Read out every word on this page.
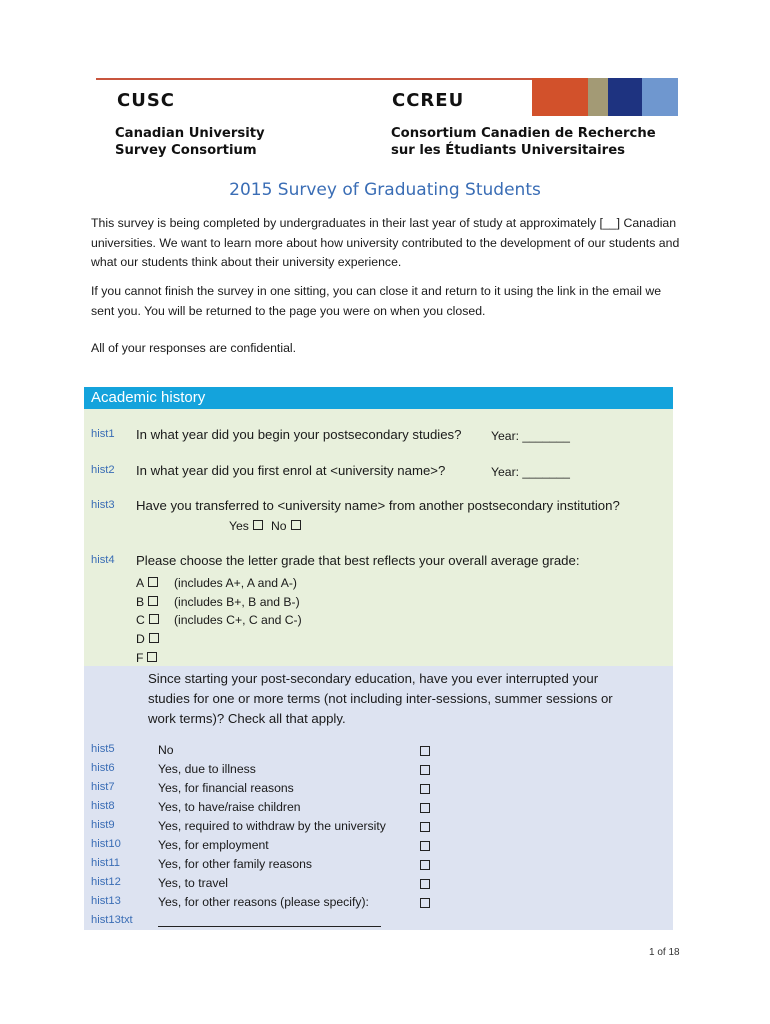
CUSC
Canadian University
Survey Consortium
CCREU
Consortium Canadien de Recherche
sur les Étudiants Universitaires
2015 Survey of Graduating Students
This survey is being completed by undergraduates in their last year of study at approximately [__] Canadian universities. We want to learn more about how university contributed to the development of our students and what our students think about their university experience.
If you cannot finish the survey in one sitting, you can close it and return to it using the link in the email we sent you. You will be returned to the page you were on when you closed.
All of your responses are confidential.
Academic history
hist1 In what year did you begin your postsecondary studies? Year: _______
hist2 In what year did you first enrol at <university name>?	Year: _______
hist3 Have you transferred to <university name> from another postsecondary institution?
Yes	No
hist4 Please choose the letter grade that best reflects your overall average grade:
A	(includes A+, A and A-)
B	(includes B+, B and B-)
C	(includes C+, C and C-)
D
F
Since starting your post-secondary education, have you ever interrupted your
studies for one or more terms (not including inter-sessions, summer sessions or
work terms)? Check all that apply.
hist5	No
hist6	Yes, due to illness
hist7	Yes, for financial reasons
hist8	Yes, to have/raise children
hist9	Yes, required to withdraw by the university
hist10	Yes, for employment
hist11	Yes, for other family reasons
hist12	Yes, to travel
hist13	Yes, for other reasons (please specify):
hist13txt
1 of 18
